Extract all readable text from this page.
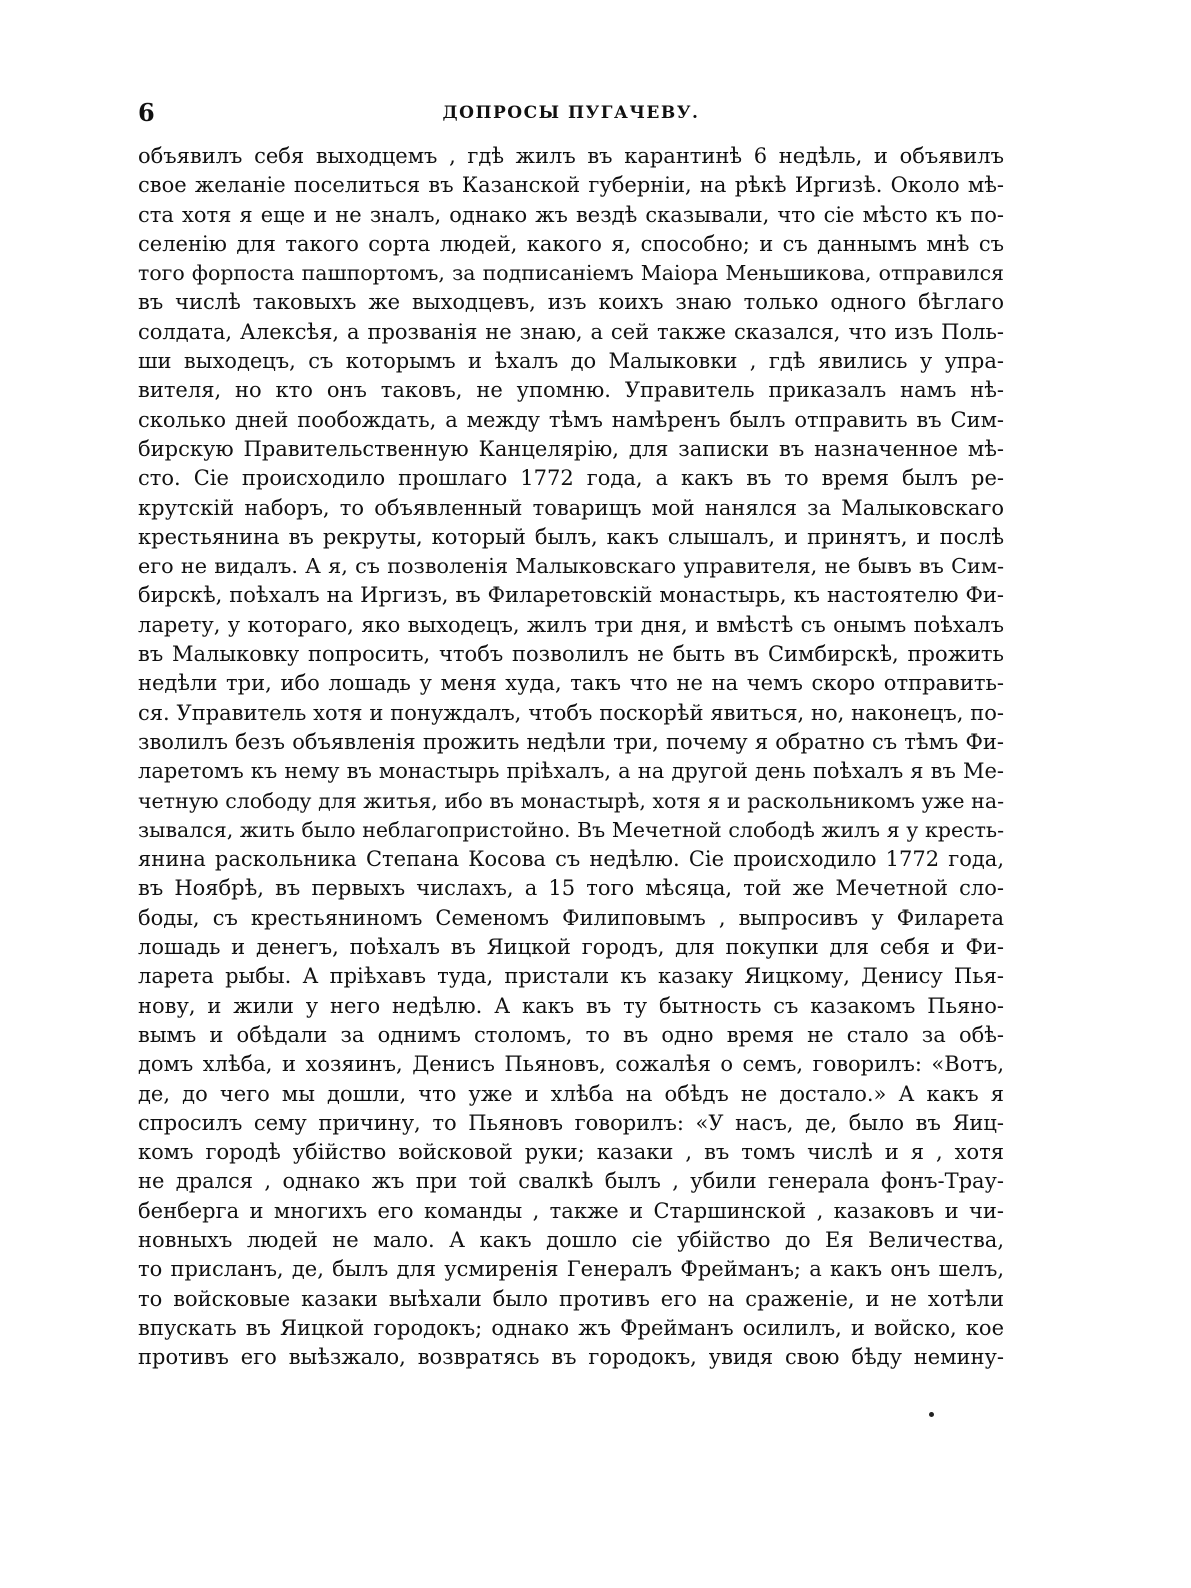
6	ДОПРОСЫ ПУГАЧЕВУ.
объявилъ себя выходцемъ , гдѣ жилъ въ карантинѣ 6 недѣль, и объявилъ
свое желаніе поселиться въ Казанской губерніи, на рѣкѣ Иргизѣ. Около мѣ-
ста хотя я еще и не зналъ, однако жъ вездѣ сказывали, что сіе мѣсто къ по-
селенію для такого сорта людей, какого я, способно; и съ даннымъ мнѣ съ
того форпоста пашпортомъ, за подписаніемъ Маіора Меньшикова, отправился
въ числѣ таковыхъ же выходцевъ, изъ коихъ знаю только одного бѣглаго
солдата, Алексѣя, а прозванія не знаю, а сей также сказался, что изъ Поль-
ши выходецъ, съ которымъ и ѣхалъ до Малыковки , гдѣ явились у упра-
вителя, но кто онъ таковъ, не упомню. Управитель приказалъ намъ нѣ-
сколько дней пообождать, а между тѣмъ намѣренъ былъ отправить въ Сим-
бирскую Правительственную Канцелярію, для записки въ назначенное мѣ-
сто. Сіе происходило прошлаго 1772 года, а какъ въ то время былъ ре-
крутскій наборъ, то объявленный товарищъ мой нанялся за Малыковскаго
крестьянина въ рекруты, который былъ, какъ слышалъ, и принятъ, и послѣ
его не видалъ. А я, съ позволенія Малыковскаго управителя, не бывъ въ Сим-
бирскѣ, поѣхалъ на Иргизъ, въ Филаретовскій монастырь, къ настоятелю Фи-
ларету, у котораго, яко выходецъ, жилъ три дня, и вмѣстѣ съ онымъ поѣхалъ
въ Малыковку попросить, чтобъ позволилъ не быть въ Симбирскѣ, прожить
недѣли три, ибо лошадь у меня худа, такъ что не на чемъ скоро отправить-
ся. Управитель хотя и понуждалъ, чтобъ поскорѣй явиться, но, наконецъ, по-
зволилъ безъ объявленія прожить недѣли три, почему я обратно съ тѣмъ Фи-
ларетомъ къ нему въ монастырь пріѣхалъ, а на другой день поѣхалъ я въ Ме-
четную слободу для житья, ибо въ монастырѣ, хотя я и раскольникомъ уже на-
зывался, жить было неблагопристойно. Въ Мечетной слободѣ жилъ я у кресть-
янина раскольника Степана Косова съ недѣлю. Сіе происходило 1772 года,
въ Ноябрѣ, въ первыхъ числахъ, а 15 того мѣсяца, той же Мечетной сло-
боды, съ крестьяниномъ Семеномъ Филиповымъ , выпросивъ у Филарета
лошадь и денегъ, поѣхалъ въ Яицкой городъ, для покупки для себя и Фи-
ларета рыбы. А пріѣхавъ туда, пристали къ казаку Яицкому, Денису Пья-
нову, и жили у него недѣлю. А какъ въ ту бытность съ казакомъ Пьяно-
вымъ и обѣдали за однимъ столомъ, то въ одно время не стало за обѣ-
домъ хлѣба, и хозяинъ, Денисъ Пьяновъ, сожалѣя о семъ, говорилъ: «Вотъ,
де, до чего мы дошли, что уже и хлѣба на обѣдъ не достало.» А какъ я
спросилъ сему причину, то Пьяновъ говорилъ: «У насъ, де, было въ Яиц-
комъ городѣ убійство войсковой руки; казаки , въ томъ числѣ и я , хотя
не дрался , однако жъ при той свалкѣ былъ , убили генерала фонъ-Трау-
бенберга и многихъ его команды , также и Старшинской , казаковъ и чи-
новныхъ людей не мало. А какъ дошло сіе убійство до Ея Величества,
то присланъ, де, былъ для усмиренія Генералъ Фрейманъ; а какъ онъ шелъ,
то войсковые казаки выѣхали было противъ его на сраженіе, и не хотѣли
впускать въ Яицкой городокъ; однако жъ Фрейманъ осилилъ, и войско, кое
противъ его выѣзжало, возвратясь въ городокъ, увидя свою бѣду немину-
